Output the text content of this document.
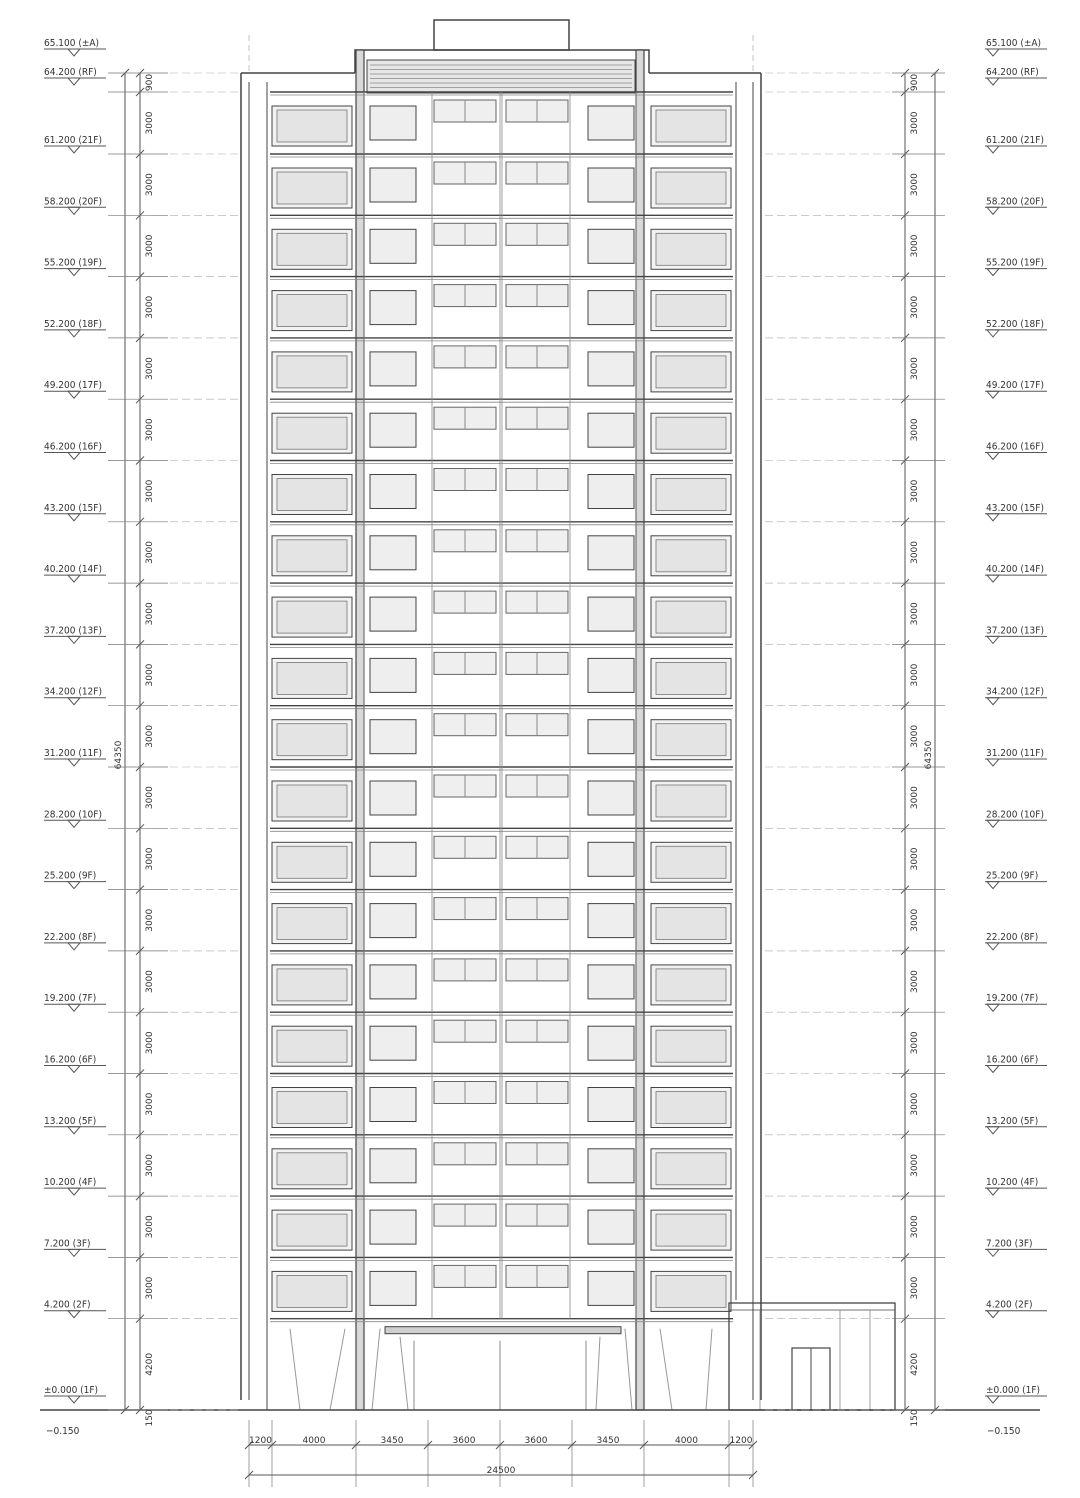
65.100 (±A)	65.100 (±A)
64.200 (RF)	64.200 (RF)
61.200 (21F)	61.200 (21F)
58.200 (20F)	58.200 (20F)
55.200 (19F)	55.200 (19F)
52.200 (18F)	52.200 (18F)
49.200 (17F)	49.200 (17F)
46.200 (16F)	46.200 (16F)
43.200 (15F)	43.200 (15F)
40.200 (14F)	40.200 (14F)
37.200 (13F)	37.200 (13F)
34.200 (12F)	34.200 (12F)
31.200 (11F)	31.200 (11F)
28.200 (10F)	28.200 (10F)
25.200 (9F)	25.200 (9F)
22.200 (8F)	22.200 (8F)
19.200 (7F)	19.200 (7F)
16.200 (6F)	16.200 (6F)
13.200 (5F)	13.200 (5F)
10.200 (4F)	10.200 (4F)
7.200 (3F)	7.200 (3F)
4.200 (2F)	4.200 (2F)
±0.000 (1F)	±0.000 (1F)
−0.150	−0.150
3000
3000
3000
3000
3000
3000
3000
3000
3000
3000
3000
3000
3000
3000
3000
3000
3000
3000
3000
3000
4200
900
150
3000
3000
3000
3000
3000
3000
3000
3000
3000
3000
3000
3000
3000
3000
3000
3000
3000
3000
3000
3000
4200
900
150
64350	64350
1200	4000	3450	3600	3600	3450	4000	1200
24500
